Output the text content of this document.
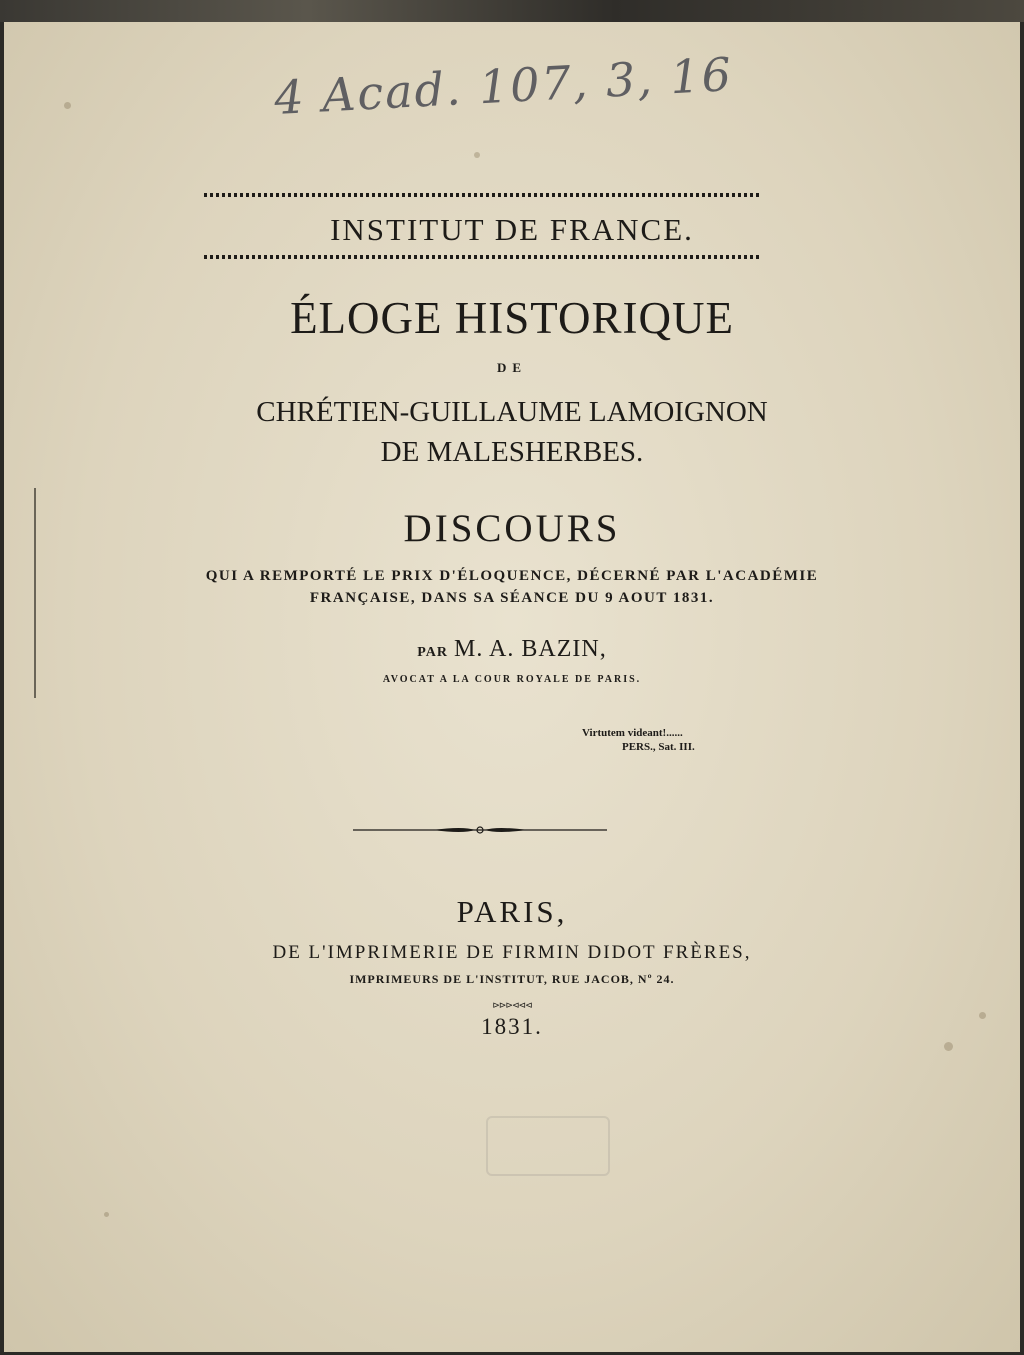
4 Acad. 107, 3, 16
INSTITUT DE FRANCE.
ÉLOGE HISTORIQUE
DE
CHRÉTIEN-GUILLAUME LAMOIGNON
DE MALESHERBES.
DISCOURS
QUI A REMPORTÉ LE PRIX D'ÉLOQUENCE, DÉCERNÉ PAR L'ACADÉMIE
FRANÇAISE, DANS SA SÉANCE DU 9 AOUT 1831.
PAR M. A. BAZIN,
AVOCAT A LA COUR ROYALE DE PARIS.
Virtutem videant!......
PERS., Sat. III.
PARIS,
DE L'IMPRIMERIE DE FIRMIN DIDOT FRÈRES,
IMPRIMEURS DE L'INSTITUT, RUE JACOB, Nº 24.
⊳⊳⊳⊲⊲⊲
1831.
